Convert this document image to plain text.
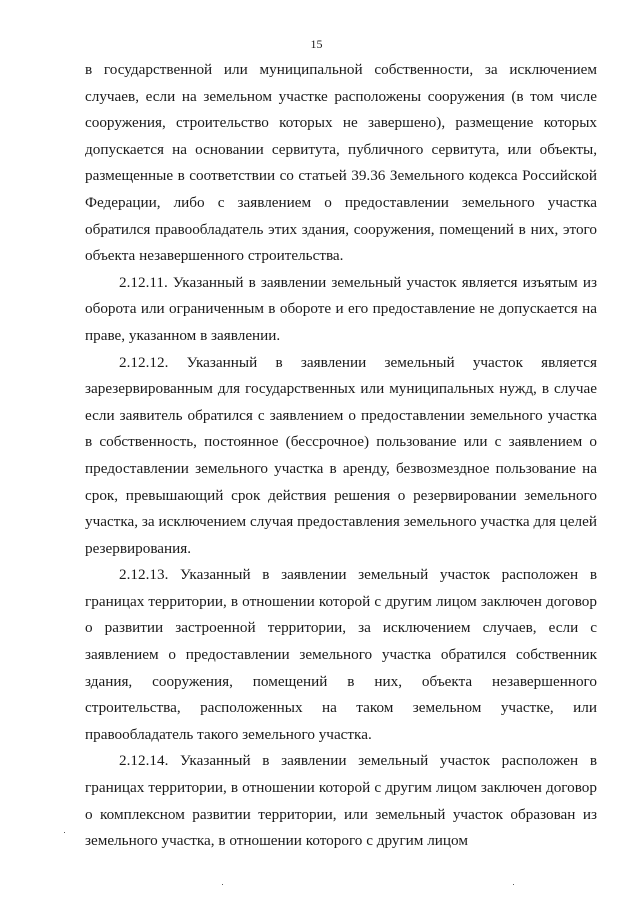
15

в государственной или муниципальной собственности, за исключением случаев, если на земельном участке расположены сооружения (в том числе сооружения, строительство которых не завершено), размещение которых допускается на основании сервитута, публичного сервитута, или объекты, размещенные в соответствии со статьей 39.36 Земельного кодекса Российской Федерации, либо с заявлением о предоставлении земельного участка обратился правообладатель этих здания, сооружения, помещений в них, этого объекта незавершенного строительства.

2.12.11. Указанный в заявлении земельный участок является изъятым из оборота или ограниченным в обороте и его предоставление не допускается на праве, указанном в заявлении.

2.12.12. Указанный в заявлении земельный участок является зарезервированным для государственных или муниципальных нужд, в случае если заявитель обратился с заявлением о предоставлении земельного участка в собственность, постоянное (бессрочное) пользование или с заявлением о предоставлении земельного участка в аренду, безвозмездное пользование на срок, превышающий срок действия решения о резервировании земельного участка, за исключением случая предоставления земельного участка для целей резервирования.

2.12.13. Указанный в заявлении земельный участок расположен в границах территории, в отношении которой с другим лицом заключен договор о развитии застроенной территории, за исключением случаев, если с заявлением о предоставлении земельного участка обратился собственник здания, сооружения, помещений в них, объекта незавершенного строительства, расположенных на таком земельном участке, или правообладатель такого земельного участка.

2.12.14. Указанный в заявлении земельный участок расположен в границах территории, в отношении которой с другим лицом заключен договор о комплексном развитии территории, или земельный участок образован из земельного участка, в отношении которого с другим лицом
